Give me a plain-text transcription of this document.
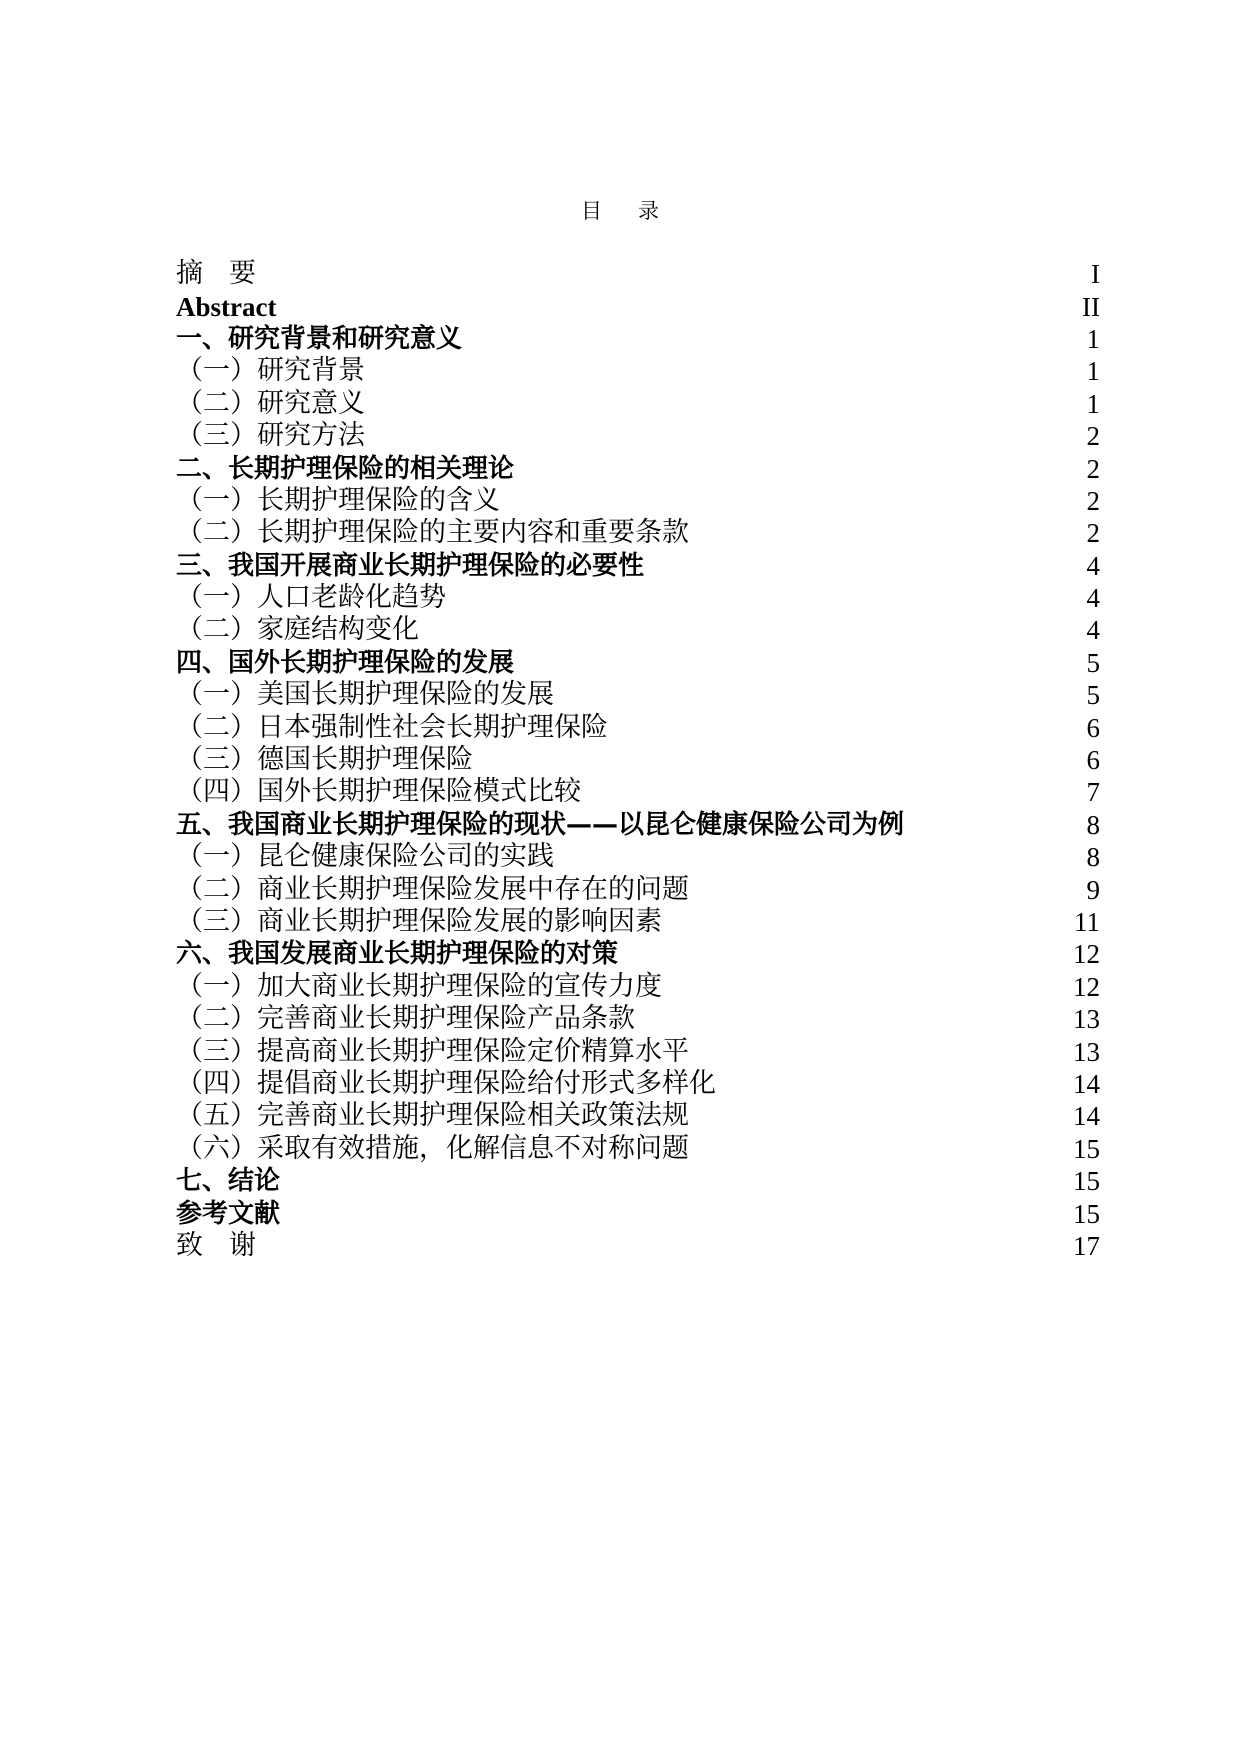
目录
摘要	I
Abstract	II
一、研究背景和研究意义	1
（一）研究背景	1
（二）研究意义	1
（三）研究方法	2
二、长期护理保险的相关理论	2
（一）长期护理保险的含义	2
（二）长期护理保险的主要内容和重要条款	2
三、我国开展商业长期护理保险的必要性	4
（一）人口老龄化趋势	4
（二）家庭结构变化	4
四、国外长期护理保险的发展	5
（一）美国长期护理保险的发展	5
（二）日本强制性社会长期护理保险	6
（三）德国长期护理保险	6
（四）国外长期护理保险模式比较	7
五、我国商业长期护理保险的现状——以昆仑健康保险公司为例	8
（一）昆仑健康保险公司的实践	8
（二）商业长期护理保险发展中存在的问题	9
（三）商业长期护理保险发展的影响因素	11
六、我国发展商业长期护理保险的对策	12
（一）加大商业长期护理保险的宣传力度	12
（二）完善商业长期护理保险产品条款	13
（三）提高商业长期护理保险定价精算水平	13
（四）提倡商业长期护理保险给付形式多样化	14
（五）完善商业长期护理保险相关政策法规	14
（六）采取有效措施，化解信息不对称问题	15
七、结论	15
参考文献	15
致谢	17
